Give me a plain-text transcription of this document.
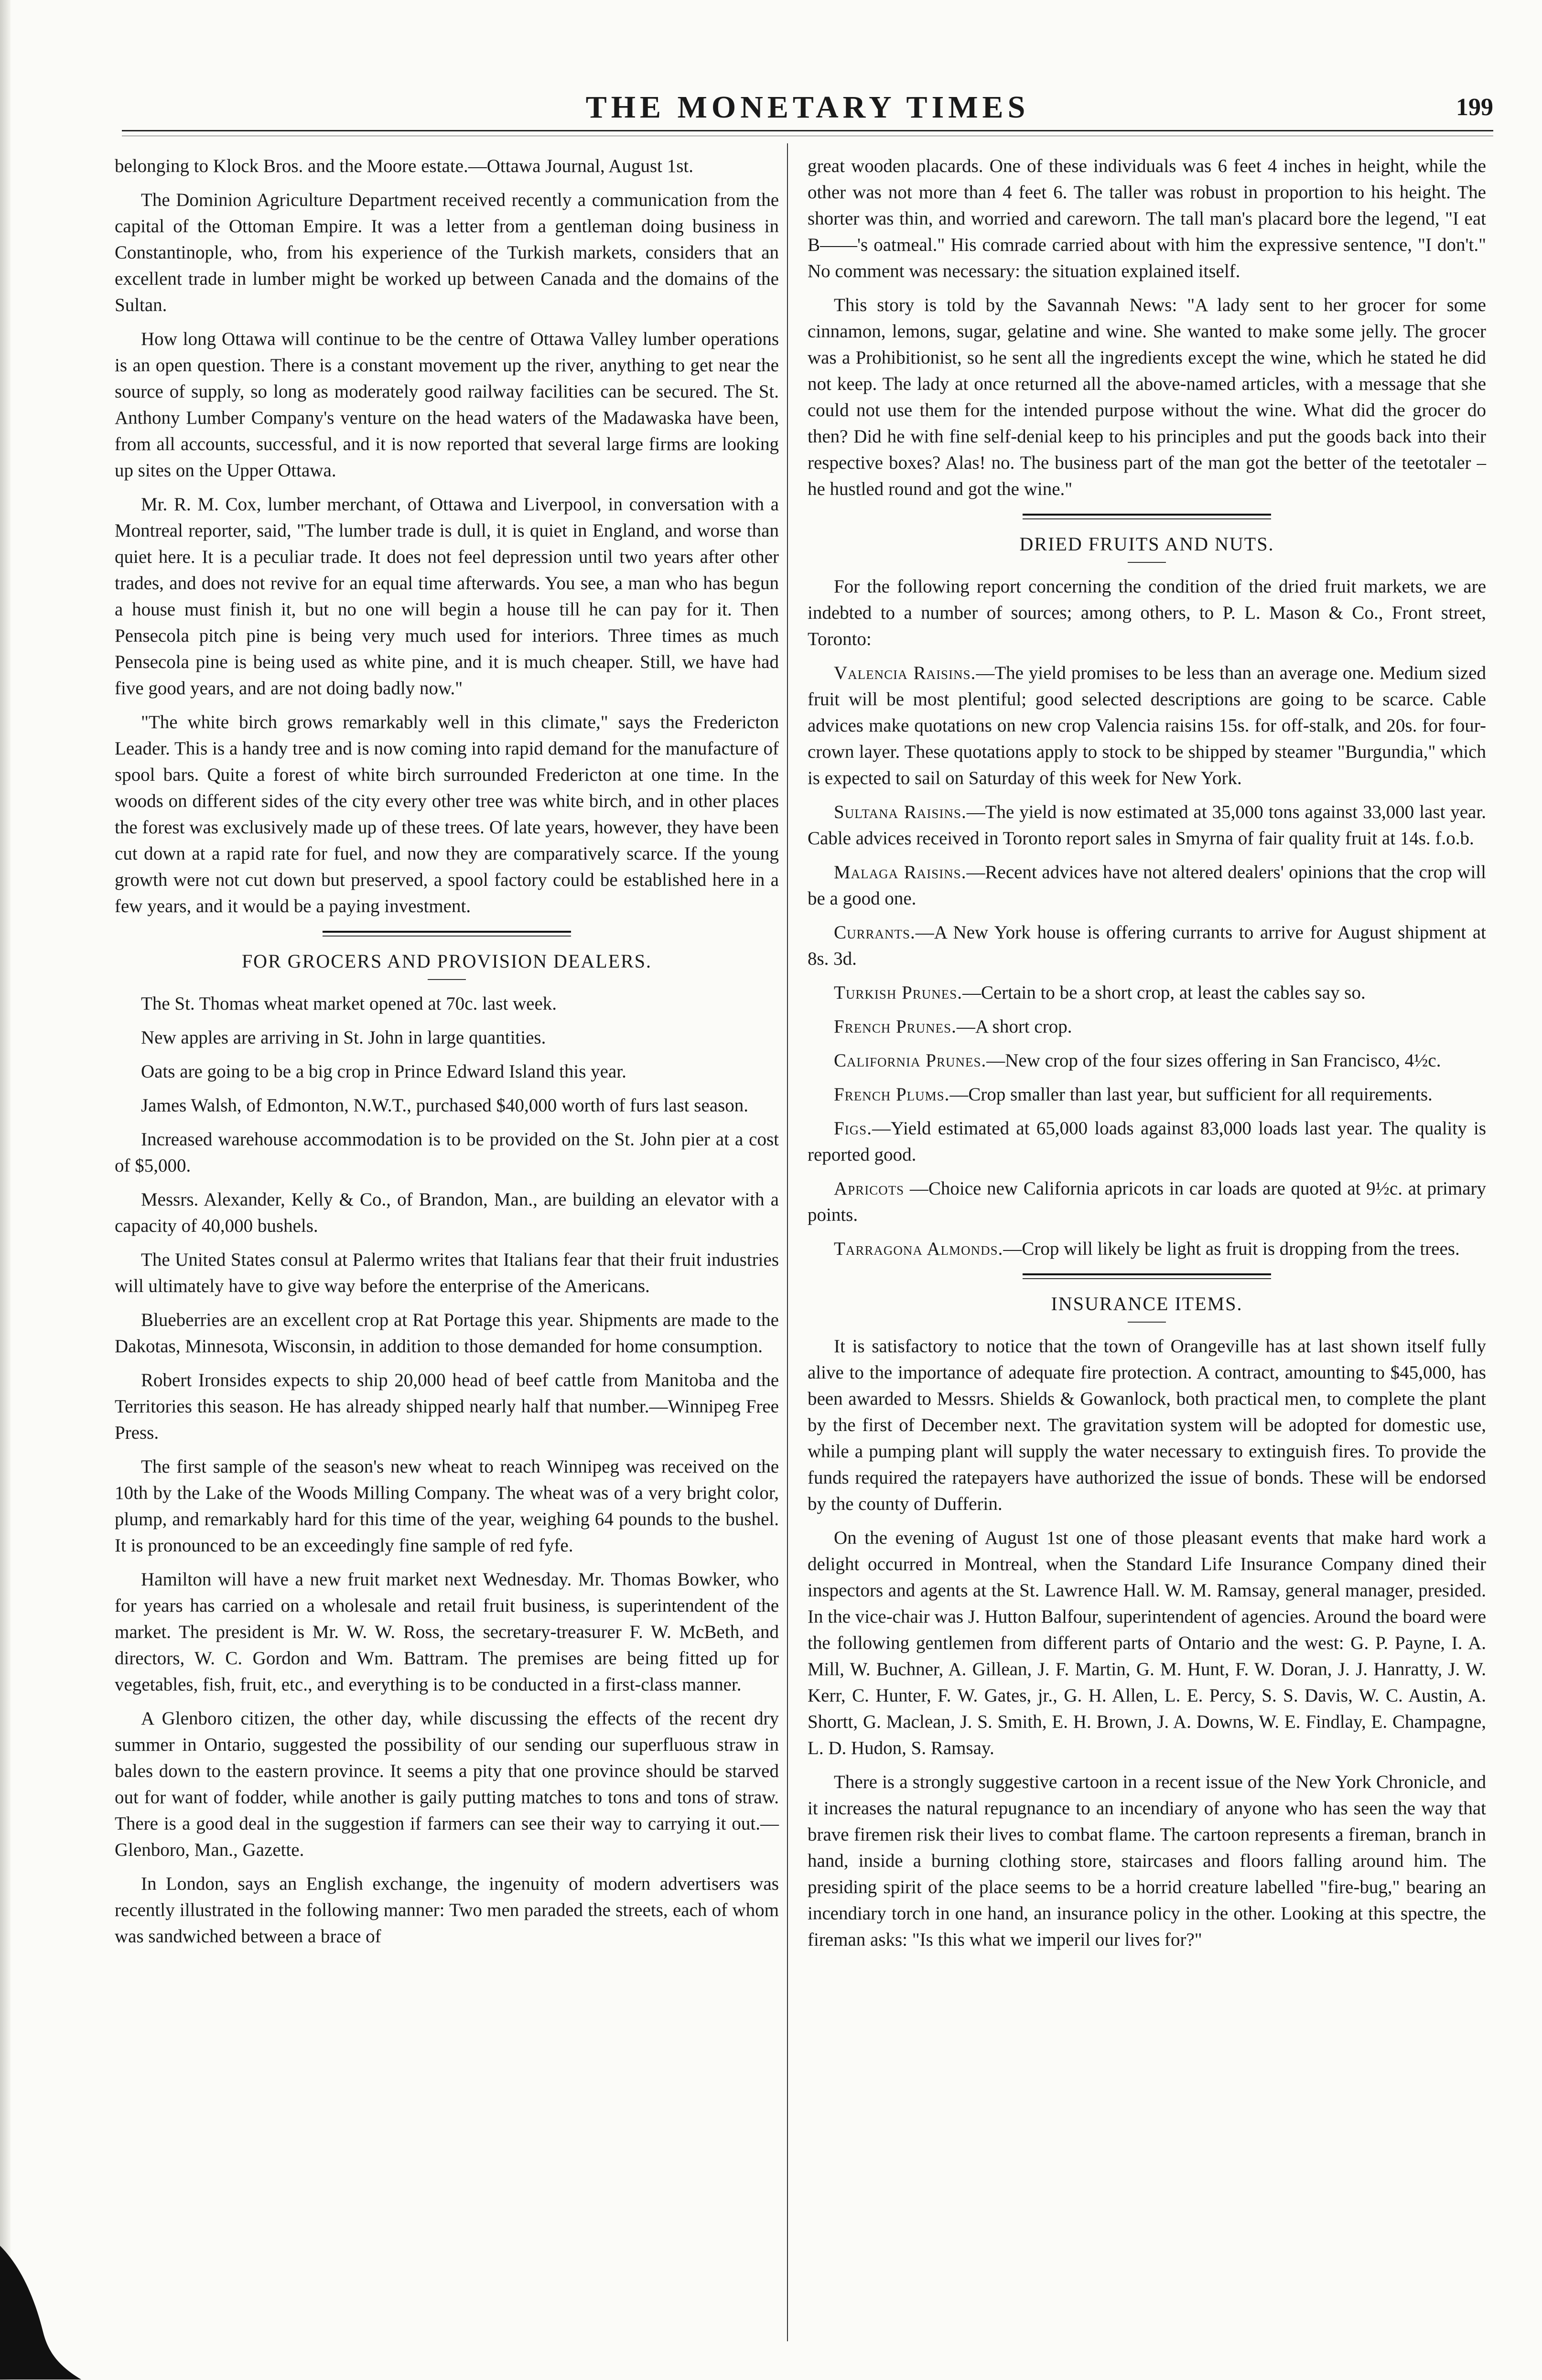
THE MONETARY TIMES	199

belonging to Klock Bros. and the Moore estate.—Ottawa Journal, August 1st.

The Dominion Agriculture Department received recently a communication from the capital of the Ottoman Empire. It was a letter from a gentleman doing business in Constantinople, who, from his experience of the Turkish markets, considers that an excellent trade in lumber might be worked up between Canada and the domains of the Sultan.

How long Ottawa will continue to be the centre of Ottawa Valley lumber operations is an open question. There is a constant movement up the river, anything to get near the source of supply, so long as moderately good railway facilities can be secured. The St. Anthony Lumber Company's venture on the head waters of the Madawaska have been, from all accounts, successful, and it is now reported that several large firms are looking up sites on the Upper Ottawa.

Mr. R. M. Cox, lumber merchant, of Ottawa and Liverpool, in conversation with a Montreal reporter, said, "The lumber trade is dull, it is quiet in England, and worse than quiet here. It is a peculiar trade. It does not feel depression until two years after other trades, and does not revive for an equal time afterwards. You see, a man who has begun a house must finish it, but no one will begin a house till he can pay for it. Then Pensecola pitch pine is being very much used for interiors. Three times as much Pensecola pine is being used as white pine, and it is much cheaper. Still, we have had five good years, and are not doing badly now."

"The white birch grows remarkably well in this climate," says the Fredericton Leader. This is a handy tree and is now coming into rapid demand for the manufacture of spool bars. Quite a forest of white birch surrounded Fredericton at one time. In the woods on different sides of the city every other tree was white birch, and in other places the forest was exclusively made up of these trees. Of late years, however, they have been cut down at a rapid rate for fuel, and now they are comparatively scarce. If the young growth were not cut down but preserved, a spool factory could be established here in a few years, and it would be a paying investment.

FOR GROCERS AND PROVISION DEALERS.

The St. Thomas wheat market opened at 70c. last week.

New apples are arriving in St. John in large quantities.

Oats are going to be a big crop in Prince Edward Island this year.

James Walsh, of Edmonton, N.W.T., purchased $40,000 worth of furs last season.

Increased warehouse accommodation is to be provided on the St. John pier at a cost of $5,000.

Messrs. Alexander, Kelly & Co., of Brandon, Man., are building an elevator with a capacity of 40,000 bushels.

The United States consul at Palermo writes that Italians fear that their fruit industries will ultimately have to give way before the enterprise of the Americans.

Blueberries are an excellent crop at Rat Portage this year. Shipments are made to the Dakotas, Minnesota, Wisconsin, in addition to those demanded for home consumption.

Robert Ironsides expects to ship 20,000 head of beef cattle from Manitoba and the Territories this season. He has already shipped nearly half that number.—Winnipeg Free Press.

The first sample of the season's new wheat to reach Winnipeg was received on the 10th by the Lake of the Woods Milling Company. The wheat was of a very bright color, plump, and remarkably hard for this time of the year, weighing 64 pounds to the bushel. It is pronounced to be an exceedingly fine sample of red fyfe.

Hamilton will have a new fruit market next Wednesday. Mr. Thomas Bowker, who for years has carried on a wholesale and retail fruit business, is superintendent of the market. The president is Mr. W. W. Ross, the secretary-treasurer F. W. McBeth, and directors, W. C. Gordon and Wm. Battram. The premises are being fitted up for vegetables, fish, fruit, etc., and everything is to be conducted in a first-class manner.

A Glenboro citizen, the other day, while discussing the effects of the recent dry summer in Ontario, suggested the possibility of our sending our superfluous straw in bales down to the eastern province. It seems a pity that one province should be starved out for want of fodder, while another is gaily putting matches to tons and tons of straw. There is a good deal in the suggestion if farmers can see their way to carrying it out.—Glenboro, Man., Gazette.

In London, says an English exchange, the ingenuity of modern advertisers was recently illustrated in the following manner: Two men paraded the streets, each of whom was sandwiched between a brace of

great wooden placards. One of these individuals was 6 feet 4 inches in height, while the other was not more than 4 feet 6. The taller was robust in proportion to his height. The shorter was thin, and worried and careworn. The tall man's placard bore the legend, "I eat B——'s oatmeal." His comrade carried about with him the expressive sentence, "I don't." No comment was necessary: the situation explained itself.

This story is told by the Savannah News: "A lady sent to her grocer for some cinnamon, lemons, sugar, gelatine and wine. She wanted to make some jelly. The grocer was a Prohibitionist, so he sent all the ingredients except the wine, which he stated he did not keep. The lady at once returned all the above-named articles, with a message that she could not use them for the intended purpose without the wine. What did the grocer do then? Did he with fine self-denial keep to his principles and put the goods back into their respective boxes? Alas! no. The business part of the man got the better of the teetotaler – he hustled round and got the wine."

DRIED FRUITS AND NUTS.

For the following report concerning the condition of the dried fruit markets, we are indebted to a number of sources; among others, to P. L. Mason & Co., Front street, Toronto:

Valencia Raisins.—The yield promises to be less than an average one. Medium sized fruit will be most plentiful; good selected descriptions are going to be scarce. Cable advices make quotations on new crop Valencia raisins 15s. for off-stalk, and 20s. for four-crown layer. These quotations apply to stock to be shipped by steamer "Burgundia," which is expected to sail on Saturday of this week for New York.

Sultana Raisins.—The yield is now estimated at 35,000 tons against 33,000 last year. Cable advices received in Toronto report sales in Smyrna of fair quality fruit at 14s. f.o.b.

Malaga Raisins.—Recent advices have not altered dealers' opinions that the crop will be a good one.

Currants.—A New York house is offering currants to arrive for August shipment at 8s. 3d.

Turkish Prunes.—Certain to be a short crop, at least the cables say so.

French Prunes.—A short crop.

California Prunes.—New crop of the four sizes offering in San Francisco, 4½c.

French Plums.—Crop smaller than last year, but sufficient for all requirements.

Figs.—Yield estimated at 65,000 loads against 83,000 loads last year. The quality is reported good.

Apricots —Choice new California apricots in car loads are quoted at 9½c. at primary points.

Tarragona Almonds.—Crop will likely be light as fruit is dropping from the trees.

INSURANCE ITEMS.

It is satisfactory to notice that the town of Orangeville has at last shown itself fully alive to the importance of adequate fire protection. A contract, amounting to $45,000, has been awarded to Messrs. Shields & Gowanlock, both practical men, to complete the plant by the first of December next. The gravitation system will be adopted for domestic use, while a pumping plant will supply the water necessary to extinguish fires. To provide the funds required the ratepayers have authorized the issue of bonds. These will be endorsed by the county of Dufferin.

On the evening of August 1st one of those pleasant events that make hard work a delight occurred in Montreal, when the Standard Life Insurance Company dined their inspectors and agents at the St. Lawrence Hall. W. M. Ramsay, general manager, presided. In the vice-chair was J. Hutton Balfour, superintendent of agencies. Around the board were the following gentlemen from different parts of Ontario and the west: G. P. Payne, I. A. Mill, W. Buchner, A. Gillean, J. F. Martin, G. M. Hunt, F. W. Doran, J. J. Hanratty, J. W. Kerr, C. Hunter, F. W. Gates, jr., G. H. Allen, L. E. Percy, S. S. Davis, W. C. Austin, A. Shortt, G. Maclean, J. S. Smith, E. H. Brown, J. A. Downs, W. E. Findlay, E. Champagne, L. D. Hudon, S. Ramsay.

There is a strongly suggestive cartoon in a recent issue of the New York Chronicle, and it increases the natural repugnance to an incendiary of anyone who has seen the way that brave firemen risk their lives to combat flame. The cartoon represents a fireman, branch in hand, inside a burning clothing store, staircases and floors falling around him. The presiding spirit of the place seems to be a horrid creature labelled "fire-bug," bearing an incendiary torch in one hand, an insurance policy in the other. Looking at this spectre, the fireman asks: "Is this what we imperil our lives for?"
